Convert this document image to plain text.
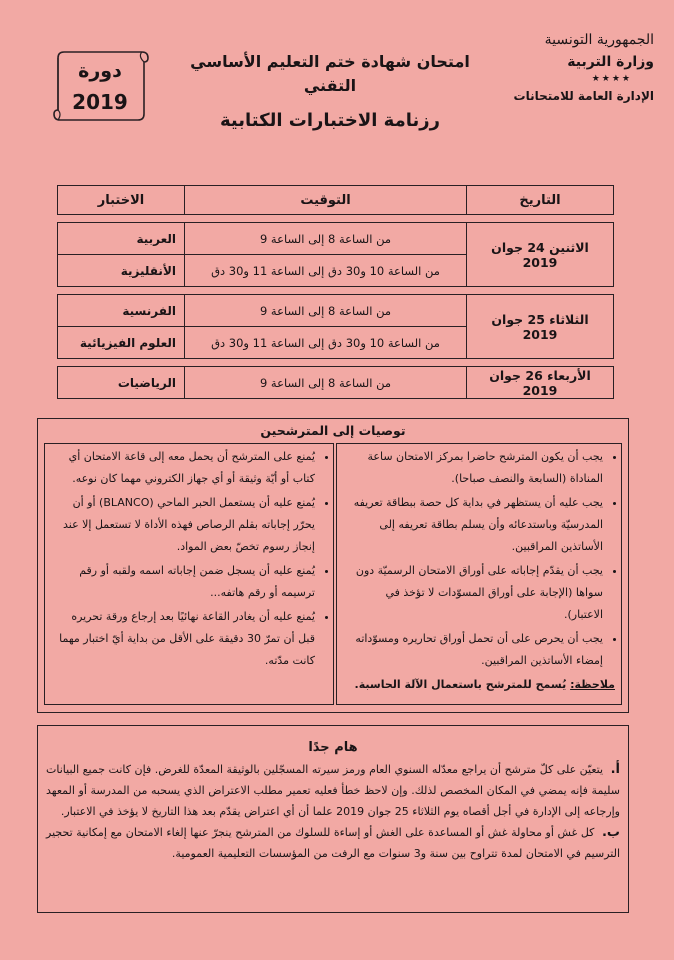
الجمهورية التونسية
وزارة التربية
★★★★
الإدارة العامة للامتحانات
امتحان شهادة ختم التعليم الأساسي التقني
رزنامة الاختبارات الكتابية
دورة
2019
التاريخ	التوقيت	الاختبار

الاثنين 24 جوان 2019	من الساعة 8 إلى الساعة 9	العربية
	من الساعة 10 و30 دق إلى الساعة 11 و30 دق	الأنقليزية

الثلاثاء 25 جوان 2019	من الساعة 8 إلى الساعة 9	الفرنسية
	من الساعة 10 و30 دق إلى الساعة 11 و30 دق	العلوم الفيزيائية

الأربعاء 26 جوان 2019	من الساعة 8 إلى الساعة 9	الرياضيات
توصيات إلى المترشحين
• يجب أن يكون المترشح حاضرا بمركز الامتحان ساعة المناداة (السابعة والنصف صباحا).
• يجب عليه أن يستظهر في بداية كل حصة ببطاقة تعريفه المدرسيّة وباستدعائه وأن يسلم بطاقة تعريفه إلى الأساتذين المراقبين.
• يجب أن يقدّم إجاباته على أوراق الامتحان الرسميّة دون سواها (الإجابة على أوراق المسوّدات لا تؤخذ في الاعتبار).
• يجب أن يحرص على أن تحمل أوراق تحاريره ومسوّداته إمضاء الأساتذين المراقبين.
ملاحظة: يُسمح للمترشح باستعمال الآلة الحاسبة.
• يُمنع على المترشح أن يحمل معه إلى قاعة الامتحان أي كتاب أو أيّة وثيقة أو أي جهاز الكتروني مهما كان نوعه.
• يُمنع عليه أن يستعمل الحبر الماحي (BLANCO) أو أن يحرّر إجاباته بقلم الرصاص فهذه الأداة لا تستعمل إلا عند إنجاز رسوم تخصّ بعض المواد.
• يُمنع عليه أن يسجل ضمن إجاباته اسمه ولقبه أو رقم ترسيمه أو رقم هاتفه...
• يُمنع عليه أن يغادر القاعة نهائيًا بعد إرجاع ورقة تحريره قبل أن تمرّ 30 دقيقة على الأقل من بداية أيّ اختبار مهما كانت مدّته.
هام جدًا

أ. يتعيّن على كلّ مترشح أن يراجع معدّله السنوي العام ورمز سيرته المسجّلين بالوثيقة المعدّة للغرض. فإن كانت جميع البيانات سليمة فإنه يمضي في المكان المخصص لذلك. وإن لاحظ خطأ فعليه تعمير مطلب الاعتراض الذي يسحبه من المدرسة أو المعهد وإرجاعه إلى الإدارة في أجل أقصاه يوم الثلاثاء 25 جوان 2019 علما أن أي اعتراض يقدّم بعد هذا التاريخ لا يؤخذ في الاعتبار.

ب. كل غش أو محاولة غش أو المساعدة على الغش أو إساءة للسلوك من المترشح ينجرّ عنها إلغاء الامتحان مع إمكانية تحجير الترسيم في الامتحان لمدة تتراوح بين سنة و3 سنوات مع الرفت من المؤسسات التعليمية العمومية.
